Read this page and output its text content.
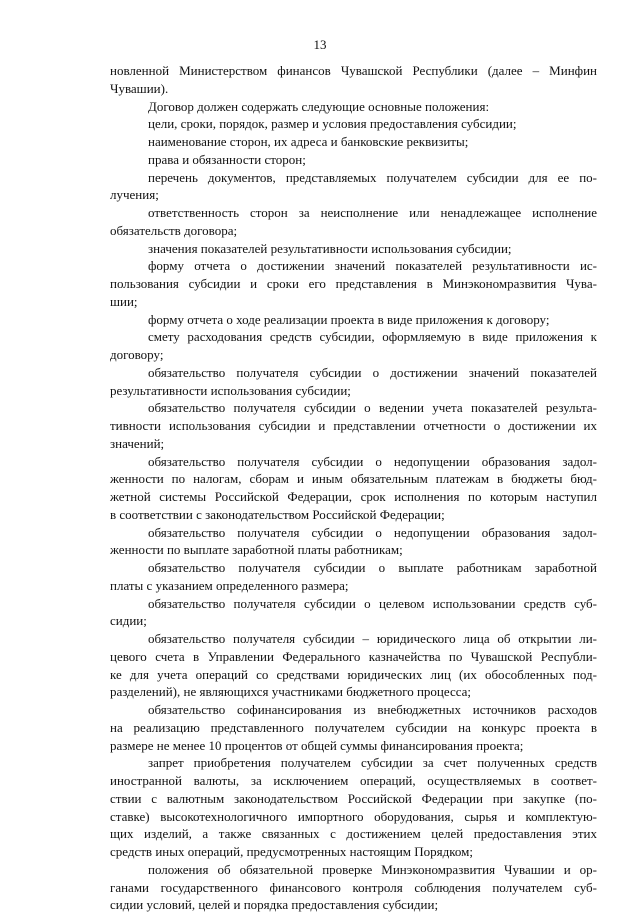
13
новленной Министерством финансов Чувашской Республики (далее – Минфин
Чувашии).
Договор должен содержать следующие основные положения:
цели, сроки, порядок, размер и условия предоставления субсидии;
наименование сторон, их адреса и банковские реквизиты;
права и обязанности сторон;
перечень документов, представляемых получателем субсидии для ее по-
лучения;
ответственность сторон за неисполнение или ненадлежащее исполнение
обязательств договора;
значения показателей результативности использования субсидии;
форму отчета о достижении значений показателей результативности ис-
пользования субсидии и сроки его представления в Минэкономразвития Чува-
шии;
форму отчета о ходе реализации проекта в виде приложения к договору;
смету расходования средств субсидии, оформляемую в виде приложения к
договору;
обязательство получателя субсидии о достижении значений показателей
результативности использования субсидии;
обязательство получателя субсидии о ведении учета показателей результа-
тивности использования субсидии и представлении отчетности о достижении их
значений;
обязательство получателя субсидии о недопущении образования задол-
женности по налогам, сборам и иным обязательным платежам в бюджеты бюд-
жетной системы Российской Федерации, срок исполнения по которым наступил
в соответствии с законодательством Российской Федерации;
обязательство получателя субсидии о недопущении образования задол-
женности по выплате заработной платы работникам;
обязательство получателя субсидии о выплате работникам заработной
платы с указанием определенного размера;
обязательство получателя субсидии о целевом использовании средств суб-
сидии;
обязательство получателя субсидии – юридического лица об открытии ли-
цевого счета в Управлении Федерального казначейства по Чувашской Республи-
ке для учета операций со средствами юридических лиц (их обособленных под-
разделений), не являющихся участниками бюджетного процесса;
обязательство софинансирования из внебюджетных источников расходов
на реализацию представленного получателем субсидии на конкурс проекта в
размере не менее 10 процентов от общей суммы финансирования проекта;
запрет приобретения получателем субсидии за счет полученных средств
иностранной валюты, за исключением операций, осуществляемых в соответ-
ствии с валютным законодательством Российской Федерации при закупке (по-
ставке) высокотехнологичного импортного оборудования, сырья и комплектую-
щих изделий, а также связанных с достижением целей предоставления этих
средств иных операций, предусмотренных настоящим Порядком;
положения об обязательной проверке Минэкономразвития Чувашии и ор-
ганами государственного финансового контроля соблюдения получателем суб-
сидии условий, целей и порядка предоставления субсидии;
